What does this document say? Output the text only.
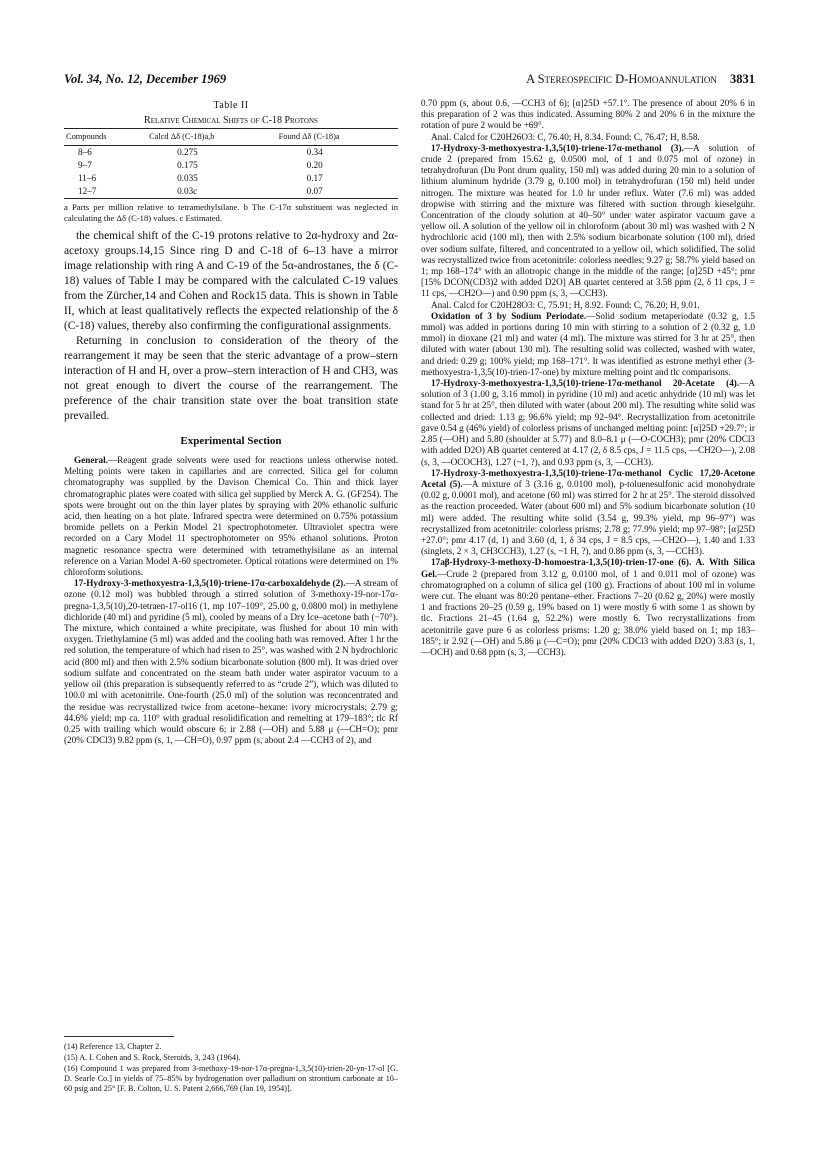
Vol. 34, No. 12, December 1969	A Stereospecific D-Homoannulation 3831
Table II
Relative Chemical Shifts of C-18 Protons
Compounds	Calcd Δδ (C-18)a,b	Found Δδ (C-18)a
8–6	0.275	0.34
9–7	0.175	0.20
11–6	0.035	0.17
12–7	0.03c	0.07
a Parts per million relative to tetramethylsilane. b The C-17α substituent was neglected in calculating the Δδ (C-18) values. c Estimated.

the chemical shift of the C-19 protons relative to 2α-hydroxy and 2α-acetoxy groups.14,15 Since ring D and C-18 of 6–13 have a mirror image relationship with ring A and C-19 of the 5α-androstanes, the δ (C-18) values of Table I may be compared with the calculated C-19 values from the Zürcher,14 and Cohen and Rock15 data. This is shown in Table II, which at least qualitatively reflects the expected relationship of the δ (C-18) values, thereby also confirming the configurational assignments.

Returning in conclusion to consideration of the theory of the rearrangement it may be seen that the steric advantage of a prow–stern interaction of H and H, over a prow–stern interaction of H and CH3, was not great enough to divert the course of the rearrangement. The preference of the chair transition state over the boat transition state prevailed.

Experimental Section

General.—Reagent grade solvents were used for reactions unless otherwise noted. Melting points were taken in capillaries and are corrected. Silica gel for column chromatography was supplied by the Davison Chemical Co. Thin and thick layer chromatographic plates were coated with silica gel supplied by Merck A. G. (GF254). The spots were brought out on the thin layer plates by spraying with 20% ethanolic sulfuric acid, then heating on a hot plate. Infrared spectra were determined on 0.75% potassium bromide pellets on a Perkin Model 21 spectrophotometer. Ultraviolet spectra were recorded on a Cary Model 11 spectrophotometer on 95% ethanol solutions. Proton magnetic resonance spectra were determined with tetramethylsilane as an internal reference on a Varian Model A-60 spectrometer. Optical rotations were determined on 1% chloroform solutions.

17-Hydroxy-3-methoxyestra-1,3,5(10)-triene-17α-carboxaldehyde (2).—A stream of ozone (0.12 mol) was bubbled through a stirred solution of 3-methoxy-19-nor-17α-pregna-1,3,5(10),20-tetraen-17-ol16 (1, mp 107–109°, 25.00 g, 0.0800 mol) in methylene dichloride (40 ml) and pyridine (5 ml), cooled by means of a Dry Ice–acetone bath (−70°). The mixture, which contained a white precipitate, was flushed for about 10 min with oxygen. Triethylamine (5 ml) was added and the cooling bath was removed. After 1 hr the red solution, the temperature of which had risen to 25°, was washed with 2 N hydrochloric acid (800 ml) and then with 2.5% sodium bicarbonate solution (800 ml). It was dried over sodium sulfate and concentrated on the steam bath under water aspirator vacuum to a yellow oil (this preparation is subsequently referred to as “crude 2”), which was diluted to 100.0 ml with acetonitrile. One-fourth (25.0 ml) of the solution was reconcentrated and the residue was recrystallized twice from acetone–hexane: ivory microcrystals; 2.79 g; 44.6% yield; mp ca. 110° with gradual resolidification and remelting at 179–183°; tlc Rf 0.25 with trailing which would obscure 6; ir 2.88 (—OH) and 5.88 μ (—CH=O); pmr (20% CDCl3) 9.82 ppm (s, 1, —CH=O), 0.97 ppm (s, about 2.4 —CCH3 of 2), and

(14) Reference 13, Chapter 2.
(15) A. I. Cohen and S. Rock, Steroids, 3, 243 (1964).
(16) Compound 1 was prepared from 3-methoxy-19-nor-17α-pregna-1,3,5(10)-trien-20-yn-17-ol [G. D. Searle Co.] in yields of 75–85% by hydrogenation over palladium on strontium carbonate at 10–60 psig and 25° [F. B. Colton, U. S. Patent 2,666,769 (Jan 19, 1954)].

0.70 ppm (s, about 0.6, —CCH3 of 6); [α]25D +57.1°. The presence of about 20% 6 in this preparation of 2 was thus indicated. Assuming 80% 2 and 20% 6 in the mixture the rotation of pure 2 would be +69°.

Anal. Calcd for C20H26O3: C, 76.40; H, 8.34. Found: C, 76.47; H, 8.58.

17-Hydroxy-3-methoxyestra-1,3,5(10)-triene-17α-methanol (3).—A solution of crude 2 (prepared from 15.62 g, 0.0500 mol, of 1 and 0.075 mol of ozone) in tetrahydrofuran (Du Pont drum quality, 150 ml) was added during 20 min to a solution of lithium aluminum hydride (3.79 g, 0.100 mol) in tetrahydrofuran (150 ml) held under nitrogen. The mixture was heated for 1.0 hr under reflux. Water (7.6 ml) was added dropwise with stirring and the mixture was filtered with suction through kieselguhr. Concentration of the cloudy solution at 40–50° under water aspirator vacuum gave a yellow oil. A solution of the yellow oil in chloroform (about 30 ml) was washed with 2 N hydrochloric acid (100 ml), then with 2.5% sodium bicarbonate solution (100 ml), dried over sodium sulfate, filtered, and concentrated to a yellow oil, which solidified. The solid was recrystallized twice from acetonitrile: colorless needles; 9.27 g; 58.7% yield based on 1; mp 168–174° with an allotropic change in the middle of the range; [α]25D +45°; pmr [15% DCON(CD3)2 with added D2O] AB quartet centered at 3.58 ppm (2, δ 11 cps, J = 11 cps, —CH2O—) and 0.90 ppm (s, 3, —CCH3).

Anal. Calcd for C20H28O3: C, 75.91; H, 8.92. Found: C, 76.20; H, 9.01.

Oxidation of 3 by Sodium Periodate.—Solid sodium metaperiodate (0.32 g, 1.5 mmol) was added in portions during 10 min with stirring to a solution of 2 (0.32 g, 1.0 mmol) in dioxane (21 ml) and water (4 ml). The mixture was stirred for 3 hr at 25°, then diluted with water (about 130 ml). The resulting solid was collected, washed with water, and dried: 0.29 g; 100% yield; mp 168–171°. It was identified as estrone methyl ether (3-methoxyestra-1,3,5(10)-trien-17-one) by mixture melting point and tlc comparisons.

17-Hydroxy-3-methoxyestra-1,3,5(10)-triene-17α-methanol 20-Acetate (4).—A solution of 3 (1.00 g, 3.16 mmol) in pyridine (10 ml) and acetic anhydride (10 ml) was let stand for 5 hr at 25°, then diluted with water (about 200 ml). The resulting white solid was collected and dried: 1.13 g; 96.6% yield; mp 92–94°. Recrystallization from acetonitrile gave 0.54 g (46% yield) of colorless prisms of unchanged melting point: [α]25D +29.7°; ir 2.85 (—OH) and 5.80 (shoulder at 5.77) and 8.0–8.1 μ (—O-COCH3); pmr (20% CDCl3 with added D2O) AB quartet centered at 4.17 (2, δ 8.5 cps, J = 11.5 cps, —CH2O—), 2.08 (s, 3, —OCOCH3), 1.27 (~1, ?), and 0.93 ppm (s, 3, —CCH3).

17-Hydroxy-3-methoxyestra-1,3,5(10)-triene-17α-methanol Cyclic 17,20-Acetone Acetal (5).—A mixture of 3 (3.16 g, 0.0100 mol), p-toluenesulfonic acid monohydrate (0.02 g, 0.0001 mol), and acetone (60 ml) was stirred for 2 hr at 25°. The steroid dissolved as the reaction proceeded. Water (about 600 ml) and 5% sodium bicarbonate solution (10 ml) were added. The resulting white solid (3.54 g, 99.3% yield, mp 96–97°) was recrystallized from acetonitrile: colorless prisms; 2.78 g; 77.9% yield; mp 97–98°; [α]25D +27.0°; pmr 4.17 (d, 1) and 3.60 (d, 1, δ 34 cps, J = 8.5 cps, —CH2O—), 1.40 and 1.33 (singlets, 2 × 3, CH3CCH3), 1.27 (s, ~1 H, ?), and 0.86 ppm (s, 3, —CCH3).

17aβ-Hydroxy-3-methoxy-D-homoestra-1,3,5(10)-trien-17-one (6). A. With Silica Gel.—Crude 2 (prepared from 3.12 g, 0.0100 mol, of 1 and 0.011 mol of ozone) was chromatographed on a column of silica gel (100 g). Fractions of about 100 ml in volume were cut. The eluant was 80:20 pentane–ether. Fractions 7–20 (0.62 g, 20%) were mostly 1 and fractions 20–25 (0.59 g, 19% based on 1) were mostly 6 with some 1 as shown by tlc. Fractions 21–45 (1.64 g, 52.2%) were mostly 6. Two recrystallizations from acetonitrile gave pure 6 as colorless prisms: 1.20 g; 38.0% yield based on 1; mp 183–185°; ir 2.92 (—OH) and 5.86 μ (—C=O); pmr (20% CDCl3 with added D2O) 3.83 (s, 1, —OCH) and 0.68 ppm (s, 3, —CCH3).
